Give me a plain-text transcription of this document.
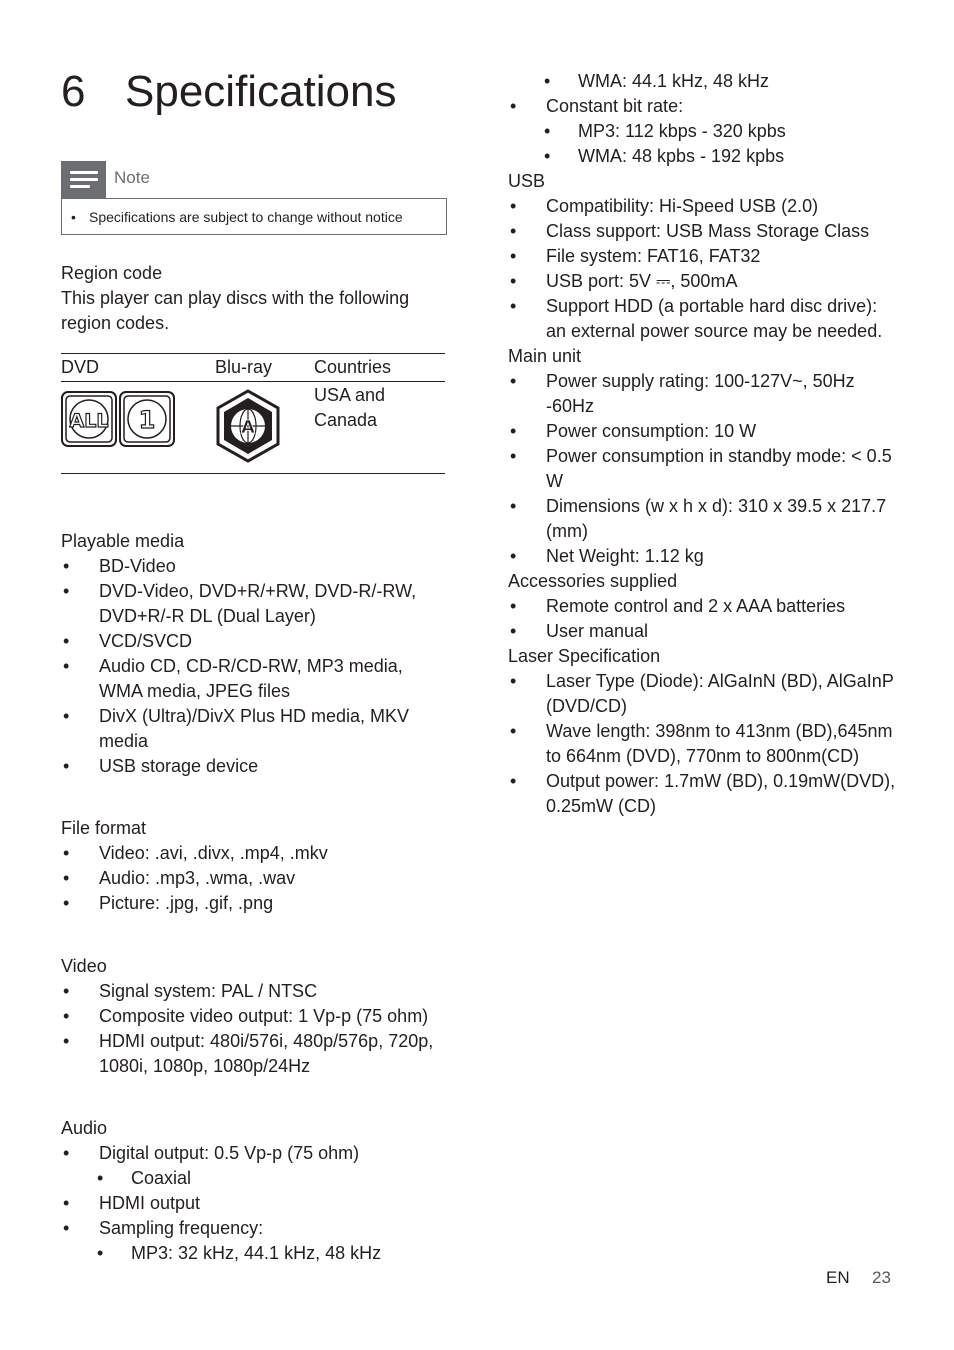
6 Specifications
Note
• Specifications are subject to change without notice
Region code
This player can play discs with the following region codes.
DVD	Blu-ray Countries
ALL 1	A
USA and
Canada
Playable media
• BD-Video
• DVD-Video, DVD+R/+RW, DVD-R/-RW, DVD+R/-R DL (Dual Layer)
• VCD/SVCD
• Audio CD, CD-R/CD-RW, MP3 media, WMA media, JPEG files
• DivX (Ultra)/DivX Plus HD media, MKV media
• USB storage device
File format
• Video: .avi, .divx, .mp4, .mkv
• Audio: .mp3, .wma, .wav
• Picture: .jpg, .gif, .png
Video
• Signal system: PAL / NTSC
• Composite video output: 1 Vp-p (75 ohm)
• HDMI output: 480i/576i, 480p/576p, 720p, 1080i, 1080p, 1080p/24Hz
Audio
• Digital output: 0.5 Vp-p (75 ohm)
• Coaxial
• HDMI output
• Sampling frequency:
• MP3: 32 kHz, 44.1 kHz, 48 kHz
• WMA: 44.1 kHz, 48 kHz
• Constant bit rate:
• MP3: 112 kbps - 320 kpbs
• WMA: 48 kpbs - 192 kpbs
USB
• Compatibility: Hi-Speed USB (2.0)
• Class support: USB Mass Storage Class
• File system: FAT16, FAT32
• USB port: 5V ⎓, 500mA
• Support HDD (a portable hard disc drive): an external power source may be needed.
Main unit
• Power supply rating: 100-127V~, 50Hz -60Hz
• Power consumption: 10 W
• Power consumption in standby mode: < 0.5 W
• Dimensions (w x h x d): 310 x 39.5 x 217.7 (mm)
• Net Weight: 1.12 kg
Accessories supplied
• Remote control and 2 x AAA batteries
• User manual
Laser Specification
• Laser Type (Diode): AlGaInN (BD), AlGaInP (DVD/CD)
• Wave length: 398nm to 413nm (BD),645nm to 664nm (DVD), 770nm to 800nm(CD)
• Output power: 1.7mW (BD), 0.19mW(DVD), 0.25mW (CD)
EN 23
